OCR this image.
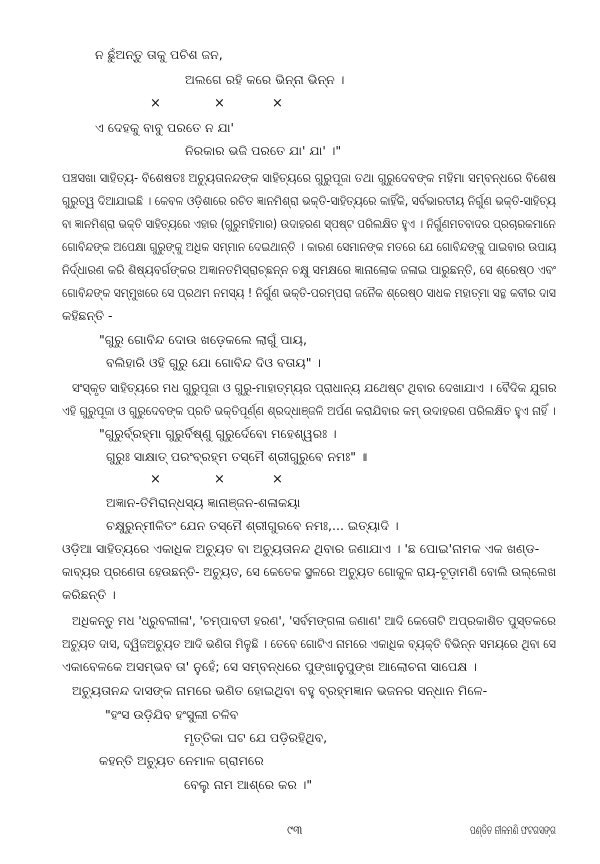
ନ ଛୁଁଅନ୍ତୁ ତାକୁ ପଚିଶ ଜନ,
ଅଲଗେ ରହି କରେ ଭିନ୍ନା ଭିନ୍ନ ।
×	×	×
ଏ ଦେହକୁ ବାବୁ ପରତେ ନ ଯା'
ନିରକାର ଭଜି ପରତେ ଯା' ଯା' ।"
ପଞ୍ଚସଖା ସାହିତ୍ୟ- ବିଶେଷତଃ ଅଚ୍ୟୁତାନନ୍ଦଙ୍କ ସାହିତ୍ୟରେ ଗୁରୁପୂଜା ତଥା ଗୁରୁଦେବଙ୍କ ମହିମା ସମ୍ବନ୍ଧରେ ବିଶେଷ
ଗୁରୁତ୍ୱ ଦିଆଯାଇଛି । କେବଳ ଓଡ଼ିଶାରେ ରଚିତ ଜ୍ଞାନମିଶ୍ରା ଭକ୍ତି-ସାହିତ୍ୟରେ କାହିଁକି, ସର୍ବଭାରତୀୟ ନିର୍ଗୁଣ ଭକ୍ତି-ସାହିତ୍ୟ
ବା ଜ୍ଞାନମିଶ୍ରା ଭକ୍ତି ସାହିତ୍ୟରେ ଏହାର (ଗୁରୁମହିମାର) ଉଦାହରଣ ସ୍ପଷ୍ଟ ପରିଲକ୍ଷିତ ହୁଏ । ନିର୍ଗୁଣମତବାଦର ପ୍ରଚାରକମାନେ
ଗୋବିନ୍ଦଙ୍କ ଅପେକ୍ଷା ଗୁରୁଙ୍କୁ ଅଧିକ ସମ୍ମାନ ଦେଇଥାନ୍ତି । କାରଣ ସେମାନଙ୍କ ମତରେ ଯେ ଗୋବିନ୍ଦଙ୍କୁ ପାଇବାର ଉପାୟ
ନିର୍ଦ୍ଧାରଣ କରି ଶିଷ୍ୟବର୍ଗଙ୍କର ଅଜ୍ଞାନତମିସ୍ରାଚ୍ଛନ୍ନ ଚକ୍ଷୁ ସମକ୍ଷରେ ଜ୍ଞାନାଲୋକ ଜଳାଇ ପାରୁଛନ୍ତି, ସେ ଶ୍ରେଷ୍ଠ ଏବଂ
ଗୋବିନ୍ଦଙ୍କ ସମ୍ମୁଖରେ ସେ ପ୍ରଥମ ନମସ୍ୟ ! ନିର୍ଗୁଣ ଭକ୍ତି-ପରମ୍ପରା ଜନୈକ ଶ୍ରେଷ୍ଠ ସାଧକ ମହାତ୍ମା ସନ୍ଥ କବୀର ଦାସ
କହିଛନ୍ତି -
"ଗୁରୁ ଗୋବିନ୍ଦ ଦୋଉ ଖଡ଼େକଲେ ଲାଗୁଁ ପାୟ,
ବଲିହାରି ଓହି ଗୁରୁ ଯୋ ଗୋବିନ୍ଦ ଦିଓ ବତାୟ" ।
ସଂସ୍କୃତ ସାହିତ୍ୟରେ ମଧ ଗୁରୁପୂଜା ଓ ଗୁରୁ-ମାହାତ୍ମ୍ୟର ପ୍ରାଧାନ୍ୟ ଯଥେଷ୍ଟ ଥିବାର ଦେଖାଯାଏ । ବୈଦିକ ଯୁଗର
ଏହି ଗୁରୁପୂଜା ଓ ଗୁରୁଦେବଙ୍କ ପ୍ରତି ଭକ୍ତିପୂର୍ଣ୍ଣ ଶ୍ରଦ୍ଧାଞ୍ଜଳି ଅର୍ପଣ କରାଯିବାର କମ୍ ଉଦାହରଣ ପରିଲକ୍ଷିତ ହୁଏ ନାହିଁ ।
"ଗୁରୁର୍ବ୍ରହ୍ମା ଗୁରୁର୍ବିଷ୍ଣୁ ଗୁରୁର୍ଦେବୋ ମହେଶ୍ୱରଃ ।
ଗୁରୁଃ ସାକ୍ଷାତ୍ ପରଂବ୍ରହ୍ମ ତସ୍ମୈ ଶ୍ରୀଗୁରୁବେ ନମଃ" ॥
×	×	×
ଅଜ୍ଞାନ-ତିମିରାନ୍ଧସ୍ୟ ଜ୍ଞାନାଞ୍ଜନ-ଶଳାକୟା
ଚକ୍ଷୁରୁନ୍ମୀଳିତଂ ଯେନ ତସ୍ମୈ ଶ୍ରୀଗୁରବେ ନମଃ,... ଇତ୍ୟାଦି ।
ଓଡ଼ିଆ ସାହିତ୍ୟରେ ଏକାଧିକ ଅଚ୍ୟୁତ ବା ଅଚ୍ୟୁତାନନ୍ଦ ଥିବାର ଜଣାଯାଏ । 'ଛ ପୋଇ'ନାମକ ଏକ ଖଣ୍ଡ-
କାବ୍ୟର ପ୍ରଣେତା ହେଉଛନ୍ତି- ଅଚ୍ୟୁତ, ସେ କେତେକ ସ୍ଥଳରେ ଅଚ୍ୟୁତ ଗୋକୁଳ ରାୟ-ଚୂଡ଼ାମଣି ବୋଲି ଉଲ୍ଲେଖ
କରିଛନ୍ତି ।
ଅଧିକନ୍ତୁ ମଧ 'ଧ୍ରୁବଲୀଳା', 'ଚମ୍ପାବତୀ ହରଣ', 'ସର୍ବମଙ୍ଗଳା ଜଣାଣ' ଆଦି କେତୋଟି ଅପ୍ରକାଶିତ ପୁସ୍ତକରେ
ଅଚ୍ୟୁତ ଦାସ, ଦ୍ୱିଜଅଚ୍ୟୁତ ଆଦି ଭଣିତା ମିଳୁଛି । ତେବେ ଗୋଟିଏ ନାମରେ ଏକାଧିକ ବ୍ୟକ୍ତି ବିଭିନ୍ନ ସମୟରେ ଥିବା ସେ
ଏକାବେଳକେ ଅସମ୍ଭବ ତା' ନୁହେଁ; ସେ ସମ୍ବନ୍ଧରେ ପୁଙ୍ଖାନୁପୁଙ୍ଖ ଆଲୋଚନା ସାପେକ୍ଷ ।
ଅଚ୍ୟୁତାନନ୍ଦ ଦାସଙ୍କ ନାମରେ ଭଣିତ ହୋଇଥିବା ବହୁ ବ୍ରହ୍ମଜ୍ଞାନ ଭଜନର ସନ୍ଧାନ ମିଳେ-
"ହଂସ ଉଡ଼ିଯିବ ହଂସୁଲୀ ଚଳିବ
ମୃତ୍ତିକା ଘଟ ଯେ ପଡ଼ିରହିଥିବ,
କହନ୍ତି ଅଚ୍ୟୁତ ନେମାଳ ଗ୍ରାମରେ
ବେଲୁ ନାମ ଆଶ୍ରେ କର ।"
୯୩	ପଣ୍ଡିତ ନୀଳମଣି ଫଟଗସଙ୍ଗ
